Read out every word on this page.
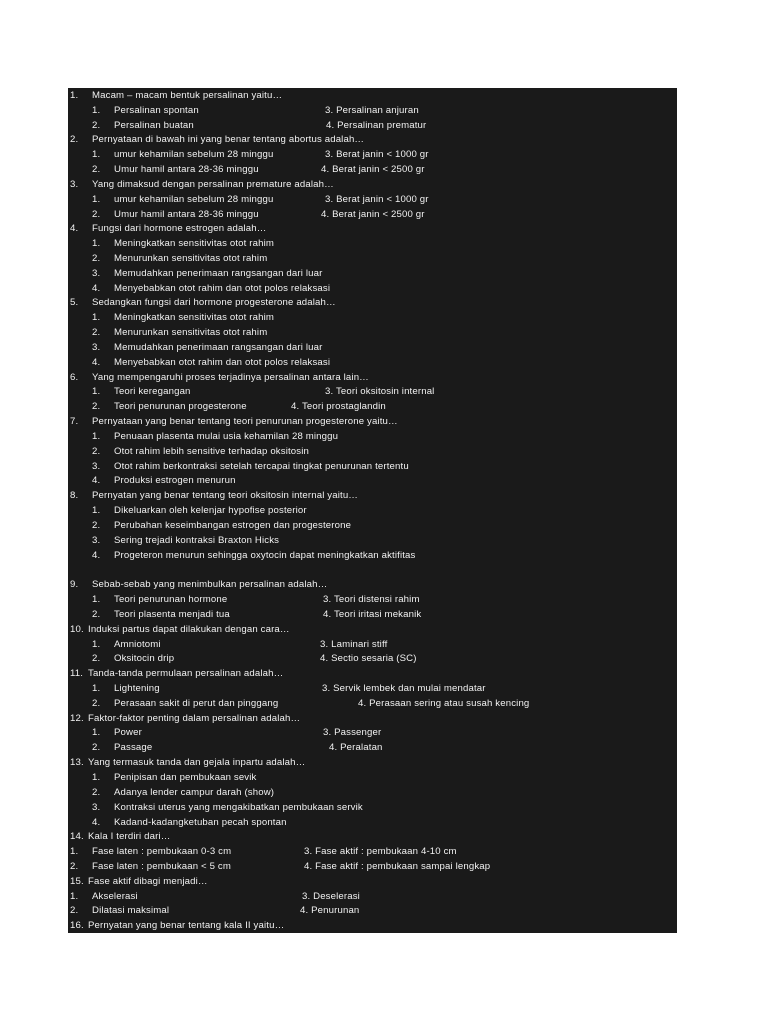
1. Macam – macam bentuk persalinan yaitu…
1. Persalinan spontan	3. Persalinan anjuran
2. Persalinan buatan	4. Persalinan prematur
2. Pernyataan di bawah ini yang benar tentang abortus adalah…
1. umur kehamilan sebelum 28 minggu	3. Berat janin < 1000 gr
2. Umur hamil antara 28-36 minggu	4. Berat janin < 2500 gr
3. Yang dimaksud dengan persalinan premature adalah…
1. umur kehamilan sebelum 28 minggu	3. Berat janin < 1000 gr
2. Umur hamil antara 28-36 minggu	4. Berat janin < 2500 gr
4. Fungsi dari hormone estrogen adalah…
1. Meningkatkan sensitivitas otot rahim
2. Menurunkan sensitivitas otot rahim
3. Memudahkan penerimaan rangsangan dari luar
4. Menyebabkan otot rahim dan otot polos relaksasi
5. Sedangkan fungsi dari hormone progesterone adalah…
1. Meningkatkan sensitivitas otot rahim
2. Menurunkan sensitivitas otot rahim
3. Memudahkan penerimaan rangsangan dari luar
4. Menyebabkan otot rahim dan otot polos relaksasi
6. Yang mempengaruhi proses terjadinya persalinan antara lain…
1. Teori keregangan	3. Teori oksitosin internal
2. Teori penurunan progesterone	4. Teori prostaglandin
7. Pernyataan yang benar tentang teori penurunan progesterone yaitu…
1. Penuaan plasenta mulai usia kehamilan 28 minggu
2. Otot rahim lebih sensitive terhadap oksitosin
3. Otot rahim berkontraksi setelah tercapai tingkat penurunan tertentu
4. Produksi estrogen menurun
8. Pernyatan yang benar tentang teori oksitosin internal yaitu…
1. Dikeluarkan oleh kelenjar hypofise posterior
2. Perubahan keseimbangan estrogen dan progesterone
3. Sering trejadi kontraksi Braxton Hicks
4. Progeteron menurun sehingga oxytocin dapat meningkatkan aktifitas
9. Sebab-sebab yang menimbulkan persalinan adalah…
1. Teori penurunan hormone	3. Teori distensi rahim
2. Teori plasenta menjadi tua	4. Teori iritasi mekanik
10. Induksi partus dapat dilakukan dengan cara…
1. Amniotomi	3. Laminari stiff
2. Oksitocin drip	4. Sectio sesaria (SC)
11. Tanda-tanda permulaan persalinan adalah…
1. Lightening	3. Servik lembek dan mulai mendatar
2. Perasaan sakit di perut dan pinggang	4. Perasaan sering atau susah kencing
12. Faktor-faktor penting dalam persalinan adalah…
1. Power	3. Passenger
2. Passage	4. Peralatan
13. Yang termasuk tanda dan gejala inpartu adalah…
1. Penipisan dan pembukaan sevik
2. Adanya lender campur darah (show)
3. Kontraksi uterus yang mengakibatkan pembukaan servik
4. Kadand-kadangketuban pecah spontan
14. Kala I terdiri dari…
1. Fase laten : pembukaan 0-3 cm	3. Fase aktif : pembukaan 4-10 cm
2. Fase laten : pembukaan < 5 cm	4. Fase aktif : pembukaan sampai lengkap
15. Fase aktif dibagi menjadi…
1. Akselerasi	3. Deselerasi
2. Dilatasi maksimal	4. Penurunan
16. Pernyatan yang benar tentang kala II yaitu…
